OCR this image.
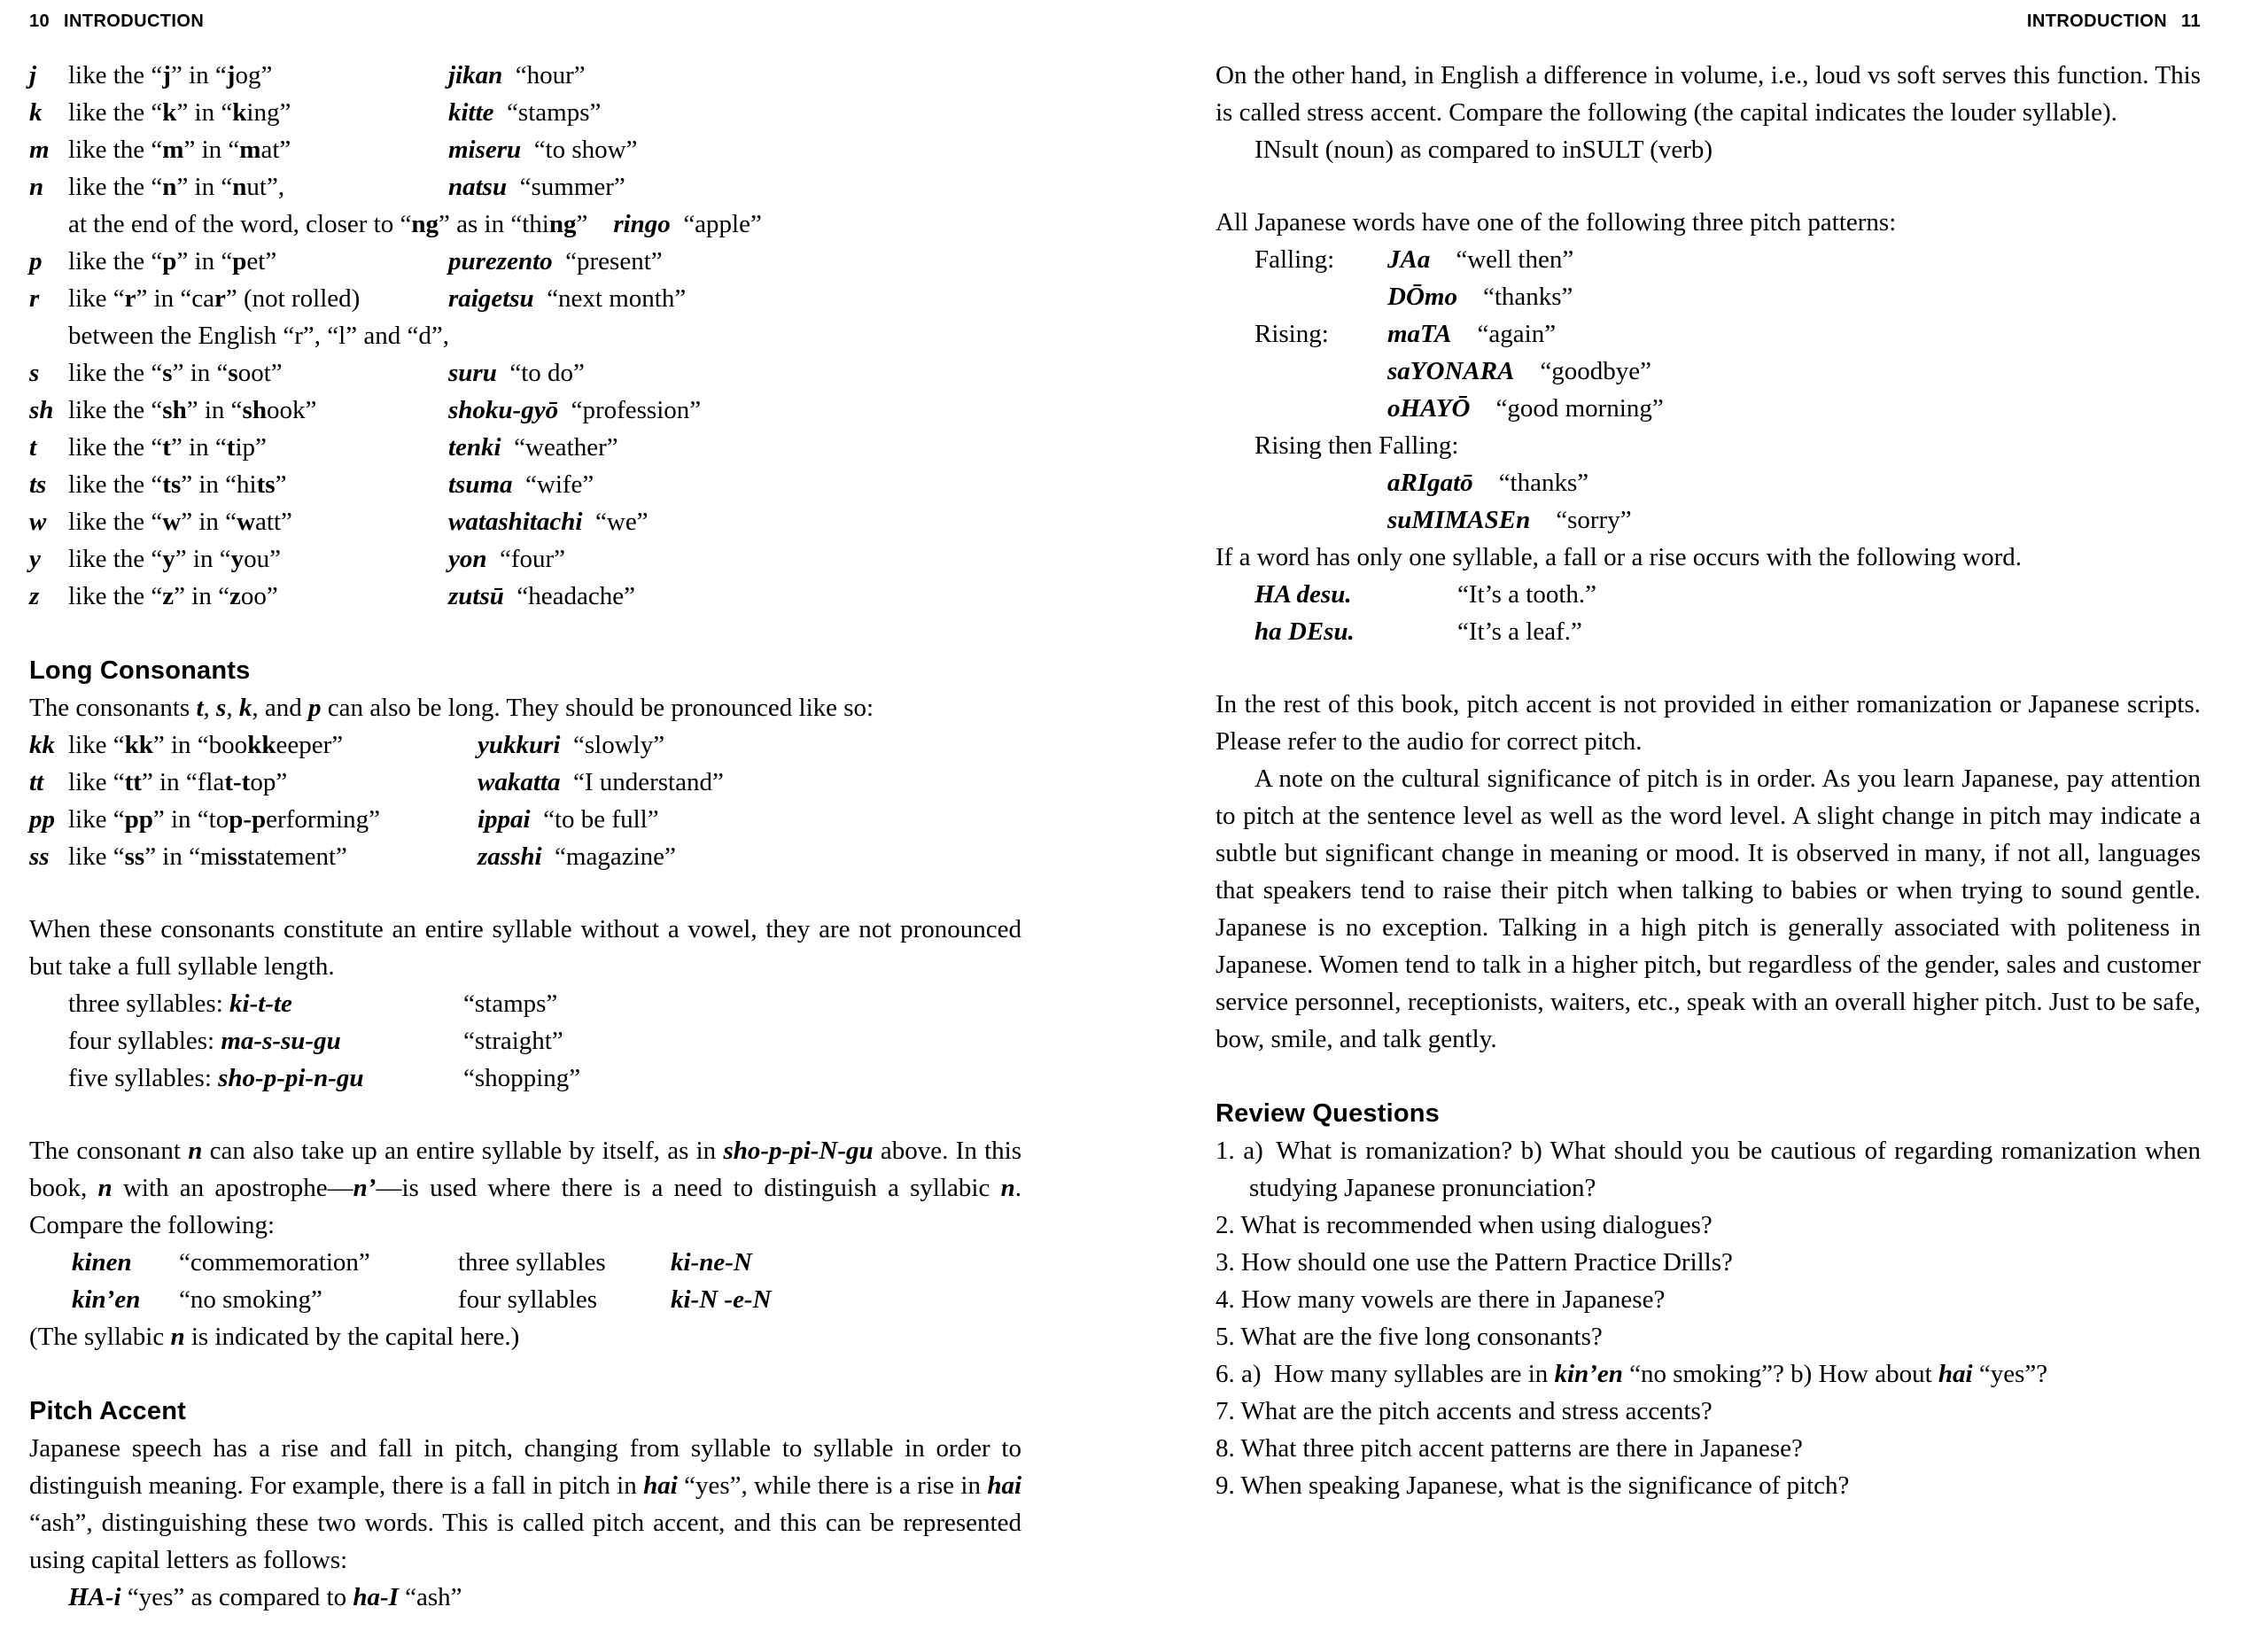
10 INTRODUCTION
j	like the “j” in “jog”	jikan “hour”
k	like the “k” in “king”	kitte “stamps”
m like the “m” in “mat”	miseru “to show”
n like the “n” in “nut”,	natsu “summer”
at the end of the word, closer to “ng” as in “thing” ringo “apple”
p	like the “p” in “pet”	purezento “present”
r	like “r” in “car” (not rolled)	raigetsu “next month”
between the English “r”, “l” and “d”,
s	like the “s” in “soot”	suru “to do”
sh like the “sh” in “shook”	shoku-gyō “profession”
t	like the “t” in “tip”	tenki “weather”
ts like the “ts” in “hits”	tsuma “wife”
w like the “w” in “watt”	watashitachi “we”
y	like the “y” in “you”	yon “four”
z	like the “z” in “zoo”	zutsū “headache”
Long Consonants

The consonants t, s, k, and p can also be long. They should be pronounced like so:

kk like “kk” in “bookkeeper”	yukkuri “slowly”
tt like “tt” in “flat-top”	wakatta “I understand”
pp like “pp” in “top-performing”	ippai “to be full”
ss like “ss” in “misstatement”	zasshi “magazine”

When these consonants constitute an entire syllable without a vowel, they are not pronounced but take a full syllable length.

three syllables: ki-t-te	“stamps”
four syllables: ma-s-su-gu	“straight”
five syllables: sho-p-pi-n-gu	“shopping”

The consonant n can also take up an entire syllable by itself, as in sho-p-pi-N-gu above. In this book, n with an apostrophe—n’—is used where there is a need to distinguish a syllabic n. Compare the following:

kinen	“commemoration”	three syllables	ki-ne-N
kin’en	“no smoking”	four syllables	ki-N -e-N

(The syllabic n is indicated by the capital here.)

Pitch Accent

Japanese speech has a rise and fall in pitch, changing from syllable to syllable in order to distinguish meaning. For example, there is a fall in pitch in hai “yes”, while there is a rise in hai “ash”, distinguishing these two words. This is called pitch accent, and this can be represented using capital letters as follows:

HA-i “yes” as compared to ha-I “ash”

INTRODUCTION 11

On the other hand, in English a difference in volume, i.e., loud vs soft serves this function. This is called stress accent. Compare the following (the capital indicates the louder syllable).

INsult (noun) as compared to inSULT (verb)

All Japanese words have one of the following three pitch patterns:

Falling:	JAa “well then”
DŌmo “thanks”
Rising:	maTA “again”
saYONARA “goodbye”
oHAYŌ “good morning”
Rising then Falling:
aRIgatō “thanks”
suMIMASEn “sorry”

If a word has only one syllable, a fall or a rise occurs with the following word.

HA desu.	“It’s a tooth.”
ha DEsu.	“It’s a leaf.”

In the rest of this book, pitch accent is not provided in either romanization or Japanese scripts. Please refer to the audio for correct pitch.

A note on the cultural significance of pitch is in order. As you learn Japanese, pay attention to pitch at the sentence level as well as the word level. A slight change in pitch may indicate a subtle but significant change in meaning or mood. It is observed in many, if not all, languages that speakers tend to raise their pitch when talking to babies or when trying to sound gentle. Japanese is no exception. Talking in a high pitch is generally associated with politeness in Japanese. Women tend to talk in a higher pitch, but regardless of the gender, sales and customer service personnel, receptionists, waiters, etc., speak with an overall higher pitch. Just to be safe, bow, smile, and talk gently.

Review Questions
1. a) What is romanization? b) What should you be cautious of regarding romanization when studying Japanese pronunciation?
2. What is recommended when using dialogues?
3. How should one use the Pattern Practice Drills?
4. How many vowels are there in Japanese?
5. What are the five long consonants?
6. a) How many syllables are in kin’en “no smoking”? b) How about hai “yes”?
7. What are the pitch accents and stress accents?
8. What three pitch accent patterns are there in Japanese?
9. When speaking Japanese, what is the significance of pitch?
